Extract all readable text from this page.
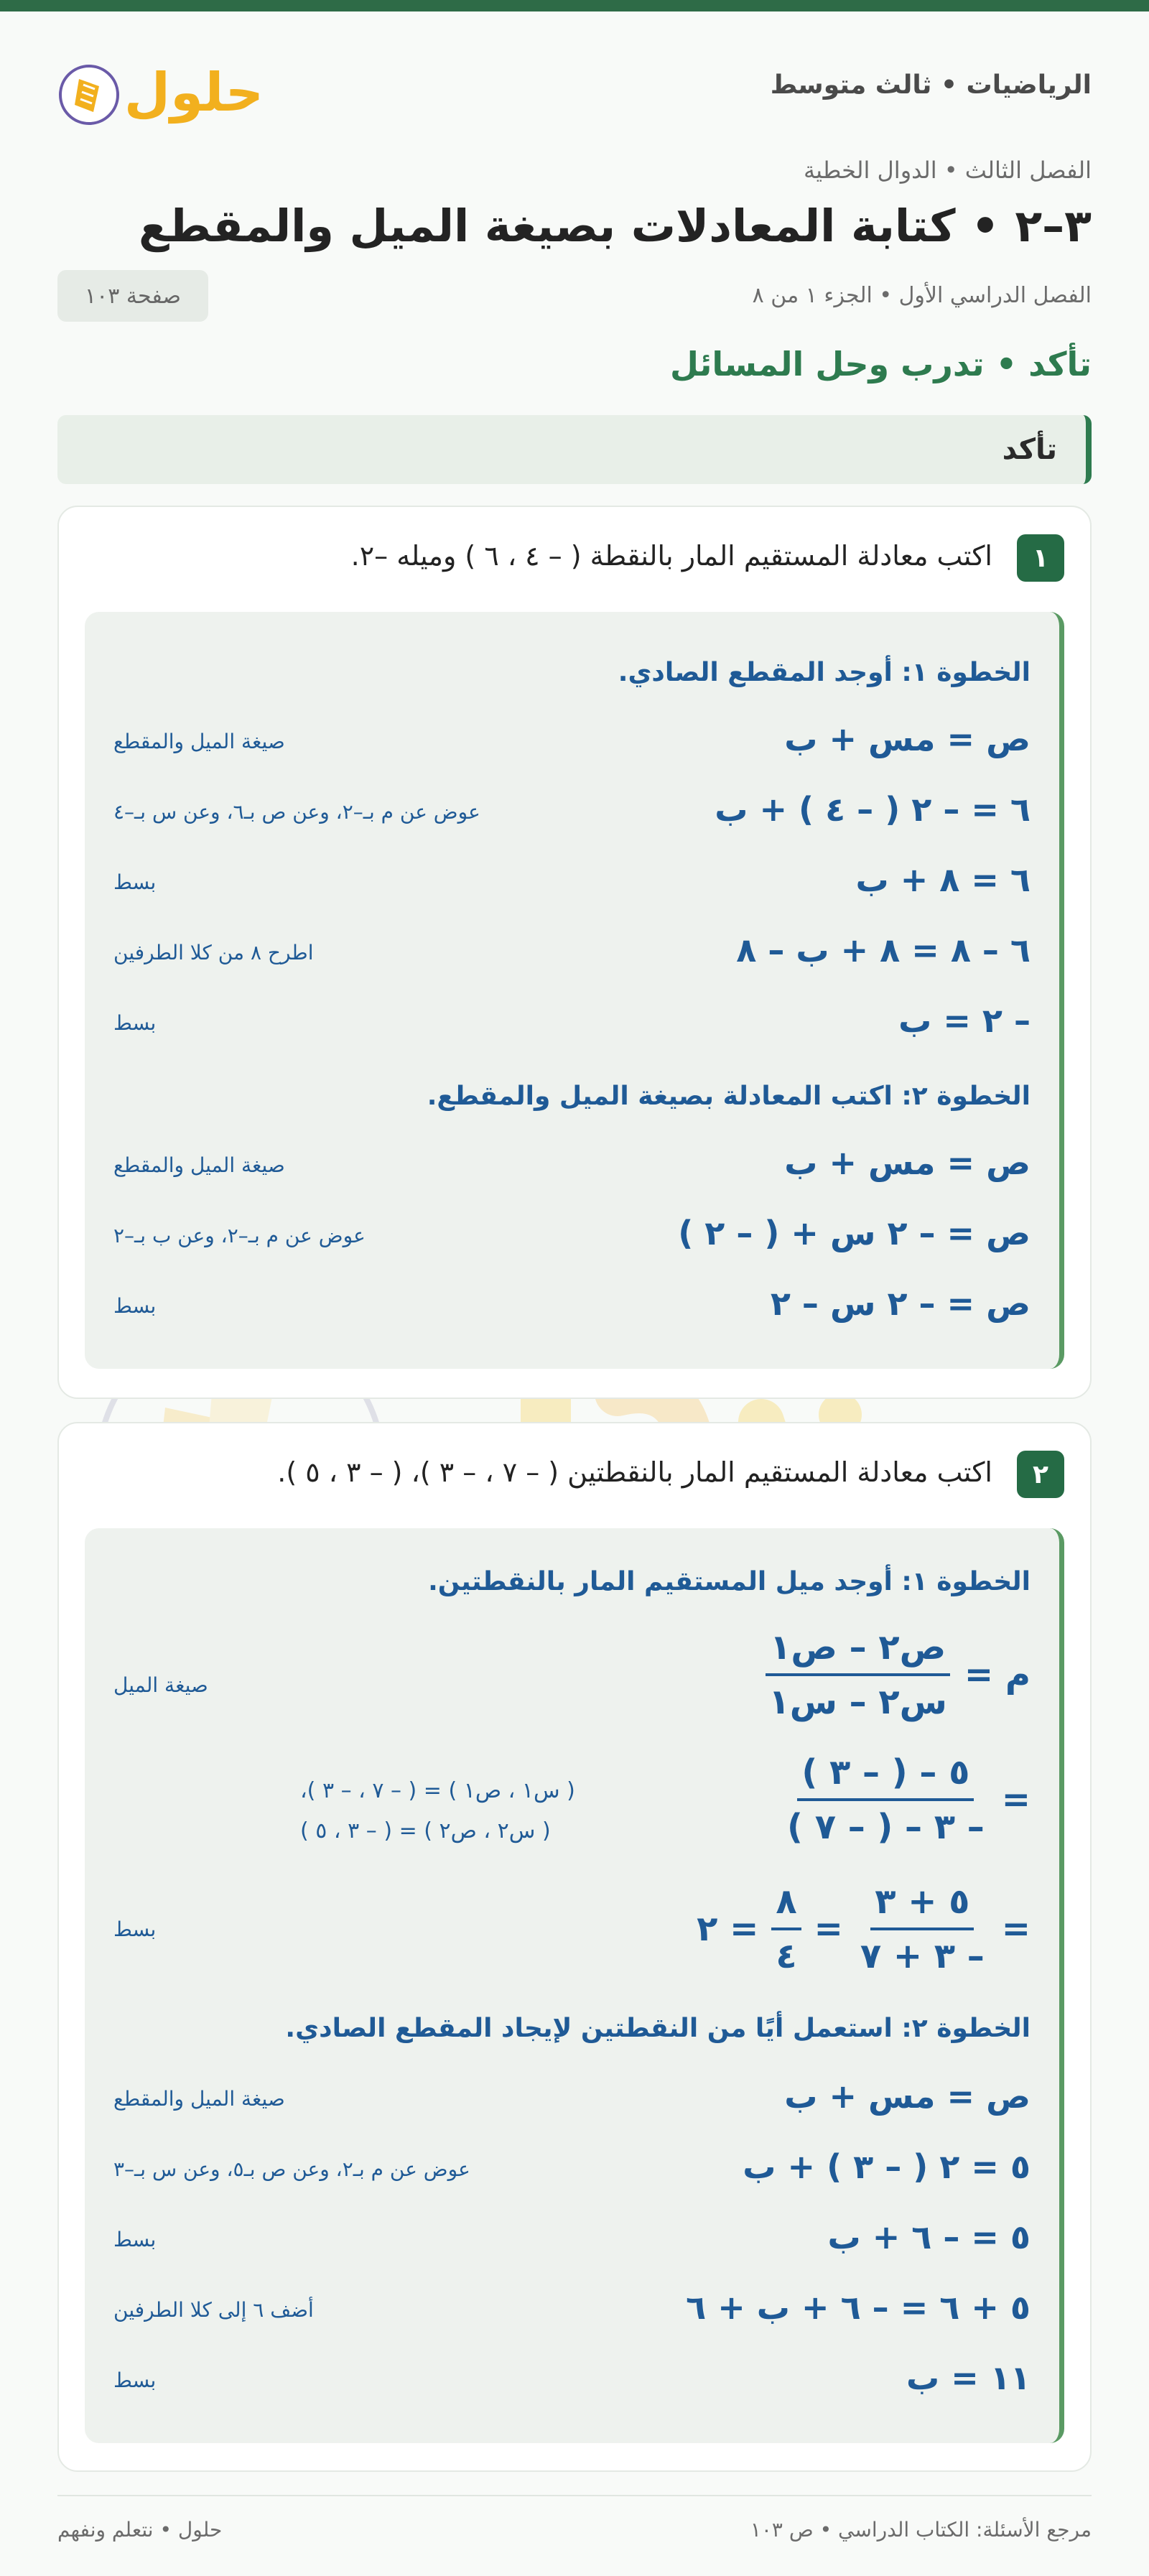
الرياضيات • ثالث متوسط
حلول
الفصل الثالث • الدوال الخطية
٣–٢ • كتابة المعادلات بصيغة الميل والمقطع
الفصل الدراسي الأول • الجزء ١ من ٨
صفحة ١٠٣
تأكد • تدرب وحل المسائل
تأكد
١
اكتب معادلة المستقيم المار بالنقطة ( – ٤ ، ٦ ) وميله –٢.
الخطوة ١: أوجد المقطع الصادي.
ص = مس + ب
صيغة الميل والمقطع
٦ = – ٢ ( – ٤ ) + ب
عوض عن م بـ–٢، وعن ص بـ٦، وعن س بـ–٤
٦ = ٨ + ب
بسط
٦ – ٨ = ٨ + ب – ٨
اطرح ٨ من كلا الطرفين
– ٢ = ب
بسط
الخطوة ٢: اكتب المعادلة بصيغة الميل والمقطع.
ص = مس + ب
صيغة الميل والمقطع
ص = – ٢ س + ( – ٢ )
عوض عن م بـ–٢، وعن ب بـ–٢
ص = – ٢ س – ٢
بسط
٢
اكتب معادلة المستقيم المار بالنقطتين ( – ٧ ، – ٣ )، ( – ٣ ، ٥ ).
الخطوة ١: أوجد ميل المستقيم المار بالنقطتين.
م =
$\frac{\text{ص٢ – ص١}}{\text{س٢ – س١}}$
صيغة الميل
=
$\frac{٥ - ( - ٣ )}{- ٣ - ( - ٧ )}$
( س١ ، ص١ ) = ( – ٧ ، – ٣ )،
( س٢ ، ص٢ ) = ( – ٣ ، ٥ )
=
$\frac{٥ + ٣}{- ٣ + ٧}$
=
$\frac{٨}{٤}$
= ٢
بسط
الخطوة ٢: استعمل أيًا من النقطتين لإيجاد المقطع الصادي.
ص = مس + ب
صيغة الميل والمقطع
٥ = ٢ ( – ٣ ) + ب
عوض عن م بـ٢، وعن ص بـ٥، وعن س بـ–٣
٥ = – ٦ + ب
بسط
٥ + ٦ = – ٦ + ب + ٦
أضف ٦ إلى كلا الطرفين
١١ = ب
بسط
مرجع الأسئلة: الكتاب الدراسي • ص ١٠٣
حلول • نتعلم ونفهم
